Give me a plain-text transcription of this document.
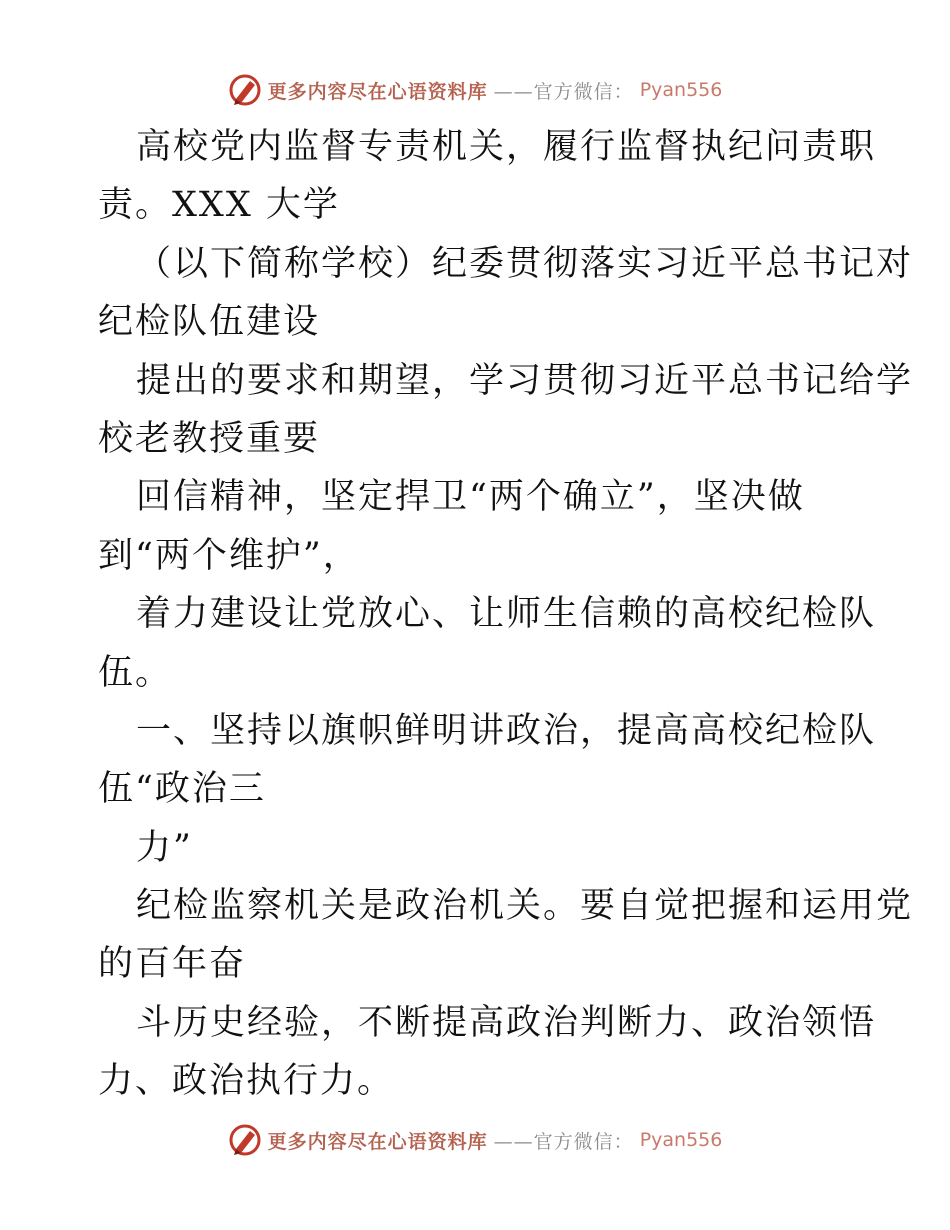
更多内容尽在心语资料库 ——官方微信： Pyan556
高校党内监督专责机关，履行监督执纪问责职
责。XXX 大学
（以下简称学校）纪委贯彻落实习近平总书记对
纪检队伍建设
提出的要求和期望，学习贯彻习近平总书记给学
校老教授重要
回信精神，坚定捍卫“两个确立”，坚决做
到“两个维护”，
着力建设让党放心、让师生信赖的高校纪检队
伍。
一、坚持以旗帜鲜明讲政治，提高高校纪检队
伍“政治三
力”
纪检监察机关是政治机关。要自觉把握和运用党
的百年奋
斗历史经验，不断提高政治判断力、政治领悟
力、政治执行力。
更多内容尽在心语资料库 ——官方微信： Pyan556
